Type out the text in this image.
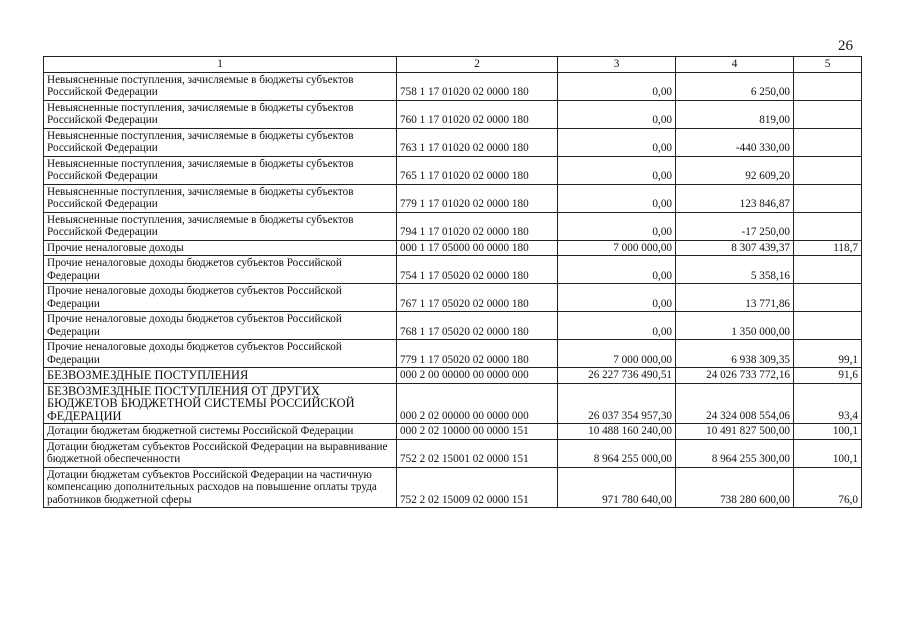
26
1	2	3	4	5
Невыясненные поступления, зачисляемые в бюджеты субъектов Российской Федерации	758 1 17 01020 02 0000 180	0,00	6 250,00	
Невыясненные поступления, зачисляемые в бюджеты субъектов Российской Федерации	760 1 17 01020 02 0000 180	0,00	819,00	
Невыясненные поступления, зачисляемые в бюджеты субъектов Российской Федерации	763 1 17 01020 02 0000 180	0,00	-440 330,00	
Невыясненные поступления, зачисляемые в бюджеты субъектов Российской Федерации	765 1 17 01020 02 0000 180	0,00	92 609,20	
Невыясненные поступления, зачисляемые в бюджеты субъектов Российской Федерации	779 1 17 01020 02 0000 180	0,00	123 846,87	
Невыясненные поступления, зачисляемые в бюджеты субъектов Российской Федерации	794 1 17 01020 02 0000 180	0,00	-17 250,00	
Прочие неналоговые доходы	000 1 17 05000 00 0000 180	7 000 000,00	8 307 439,37	118,7
Прочие неналоговые доходы бюджетов субъектов Российской Федерации	754 1 17 05020 02 0000 180	0,00	5 358,16	
Прочие неналоговые доходы бюджетов субъектов Российской Федерации	767 1 17 05020 02 0000 180	0,00	13 771,86	
Прочие неналоговые доходы бюджетов субъектов Российской Федерации	768 1 17 05020 02 0000 180	0,00	1 350 000,00	
Прочие неналоговые доходы бюджетов субъектов Российской Федерации	779 1 17 05020 02 0000 180	7 000 000,00	6 938 309,35	99,1
БЕЗВОЗМЕЗДНЫЕ ПОСТУПЛЕНИЯ	000 2 00 00000 00 0000 000	26 227 736 490,51	24 026 733 772,16	91,6
БЕЗВОЗМЕЗДНЫЕ ПОСТУПЛЕНИЯ ОТ ДРУГИХ БЮДЖЕТОВ БЮДЖЕТНОЙ СИСТЕМЫ РОССИЙСКОЙ ФЕДЕРАЦИИ	000 2 02 00000 00 0000 000	26 037 354 957,30	24 324 008 554,06	93,4
Дотации бюджетам бюджетной системы Российской Федерации	000 2 02 10000 00 0000 151	10 488 160 240,00	10 491 827 500,00	100,1
Дотации бюджетам субъектов Российской Федерации на выравнивание бюджетной обеспеченности	752 2 02 15001 02 0000 151	8 964 255 000,00	8 964 255 300,00	100,1
Дотации бюджетам субъектов Российской Федерации на частичную компенсацию дополнительных расходов на повышение оплаты труда работников бюджетной сферы	752 2 02 15009 02 0000 151	971 780 640,00	738 280 600,00	76,0
